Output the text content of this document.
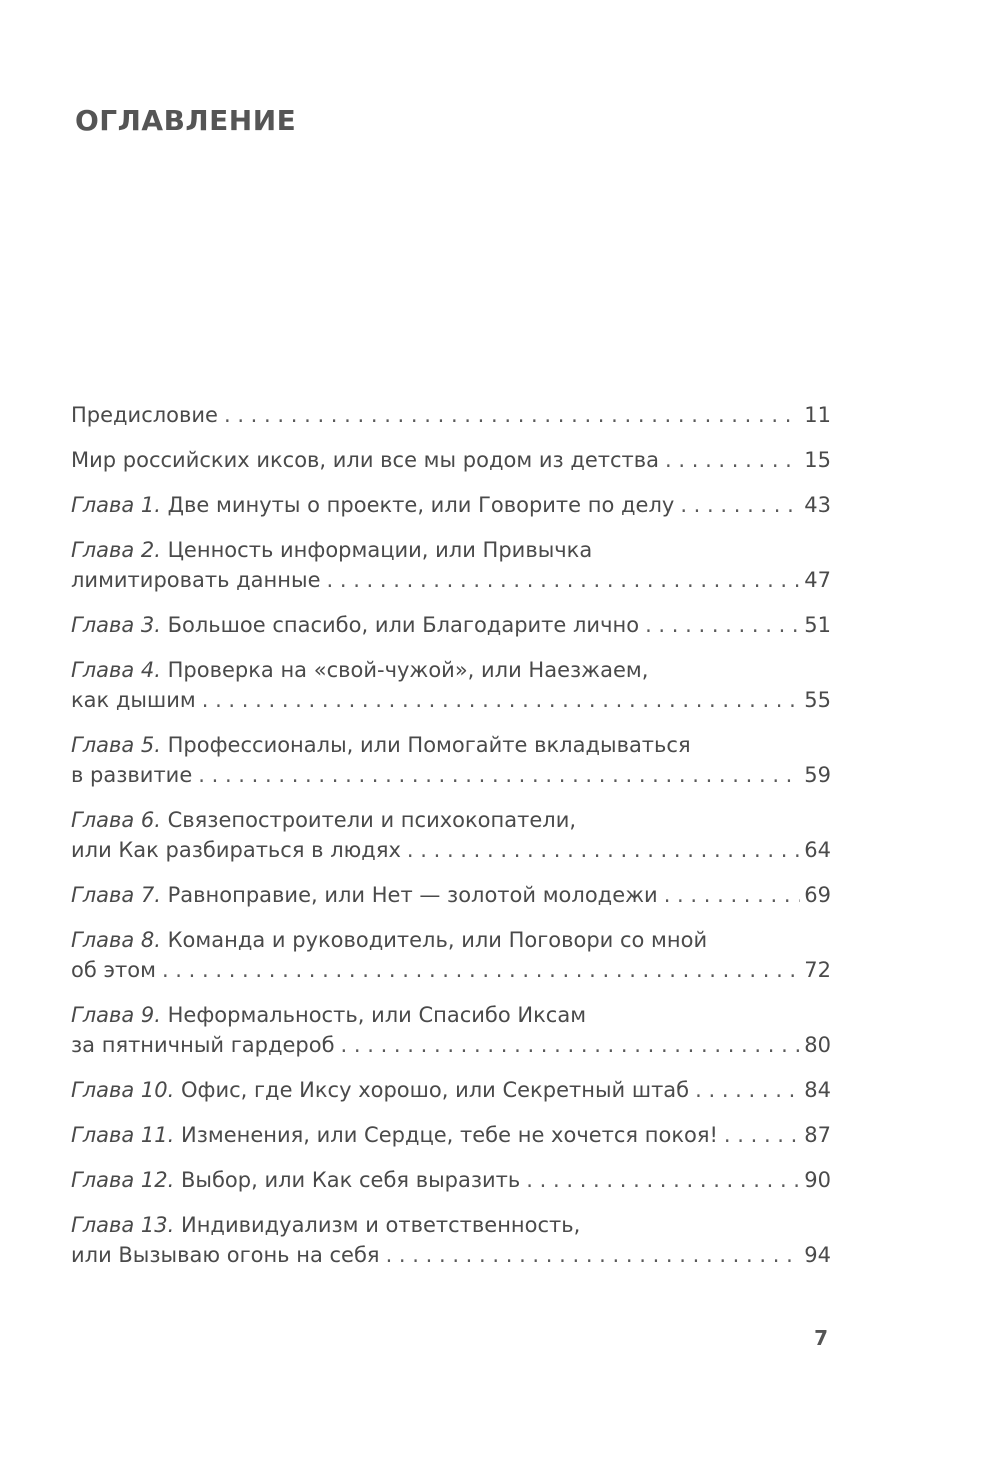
ОГЛАВЛЕНИЕ
Предисловие . . .	11
Мир российских иксов, или все мы родом из детства . . .	15
Глава 1. Две минуты о проекте, или Говорите по делу . . .	43
Глава 2. Ценность информации, или Привычка
лимитировать данные . . .	47
Глава 3. Большое спасибо, или Благодарите лично . . .	51
Глава 4. Проверка на «свой-чужой», или Наезжаем,
как дышим . . .	55
Глава 5. Профессионалы, или Помогайте вкладываться
в развитие . . .	59
Глава 6. Связепостроители и психокопатели,
или Как разбираться в людях . . .	64
Глава 7. Равноправие, или Нет — золотой молодежи . . .	69
Глава 8. Команда и руководитель, или Поговори со мной
об этом . . .	72
Глава 9. Неформальность, или Спасибо Иксам
за пятничный гардероб . . .	80
Глава 10. Офис, где Иксу хорошо, или Секретный штаб . . .	84
Глава 11. Изменения, или Сердце, тебе не хочется покоя! . . .	87
Глава 12. Выбор, или Как себя выразить . . .	90
Глава 13. Индивидуализм и ответственность,
или Вызываю огонь на себя . . .	94
7
